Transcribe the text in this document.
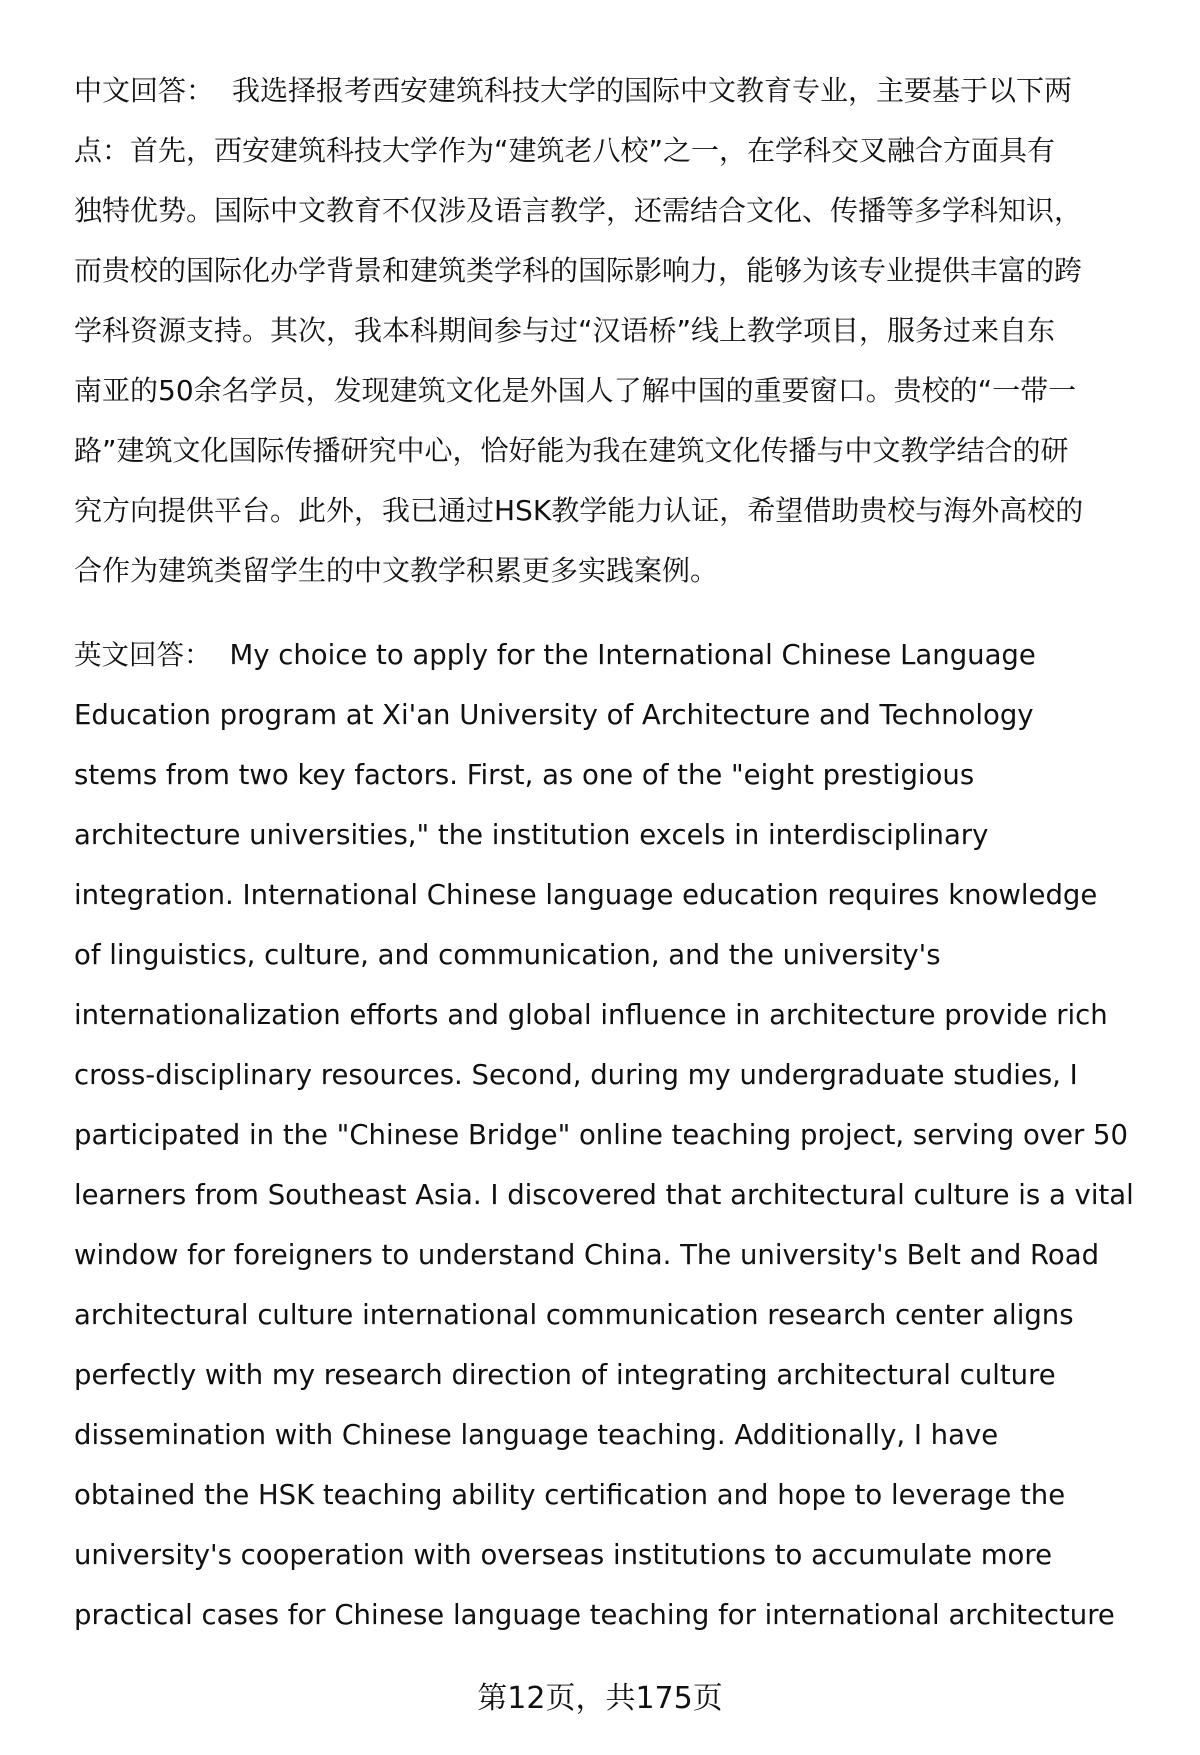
中文回答： 我选择报考西安建筑科技大学的国际中文教育专业，主要基于以下两
点：首先，西安建筑科技大学作为“建筑老八校”之一，在学科交叉融合方面具有
独特优势。国际中文教育不仅涉及语言教学，还需结合文化、传播等多学科知识，
而贵校的国际化办学背景和建筑类学科的国际影响力，能够为该专业提供丰富的跨
学科资源支持。其次，我本科期间参与过“汉语桥”线上教学项目，服务过来自东
南亚的50余名学员，发现建筑文化是外国人了解中国的重要窗口。贵校的“一带一
路”建筑文化国际传播研究中心，恰好能为我在建筑文化传播与中文教学结合的研
究方向提供平台。此外，我已通过HSK教学能力认证，希望借助贵校与海外高校的
合作为建筑类留学生的中文教学积累更多实践案例。
英文回答： My choice to apply for the International Chinese Language
Education program at Xi'an University of Architecture and Technology
stems from two key factors. First, as one of the "eight prestigious
architecture universities," the institution excels in interdisciplinary
integration. International Chinese language education requires knowledge
of linguistics, culture, and communication, and the university's
internationalization efforts and global influence in architecture provide rich
cross-disciplinary resources. Second, during my undergraduate studies, I
participated in the "Chinese Bridge" online teaching project, serving over 50
learners from Southeast Asia. I discovered that architectural culture is a vital
window for foreigners to understand China. The university's Belt and Road
architectural culture international communication research center aligns
perfectly with my research direction of integrating architectural culture
dissemination with Chinese language teaching. Additionally, I have
obtained the HSK teaching ability certification and hope to leverage the
university's cooperation with overseas institutions to accumulate more
practical cases for Chinese language teaching for international architecture
第12页，共175页
